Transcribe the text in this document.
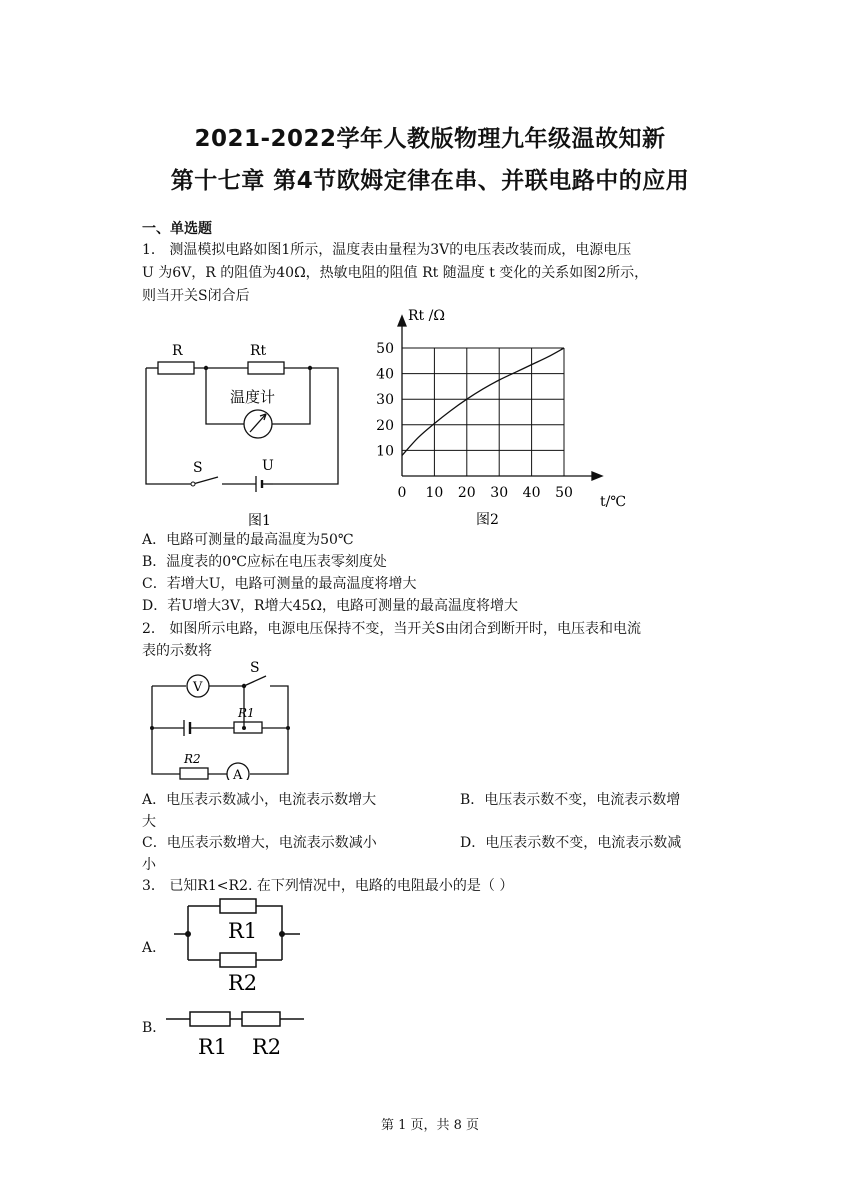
2021-2022学年人教版物理九年级温故知新
第十七章 第4节欧姆定律在串、并联电路中的应用
一、单选题
1． 测温模拟电路如图1所示，温度表由量程为3V的电压表改装而成，电源电压
U 为6V，R 的阻值为40Ω，热敏电阻的阻值 Rt 随温度 t 变化的关系如图2所示，
则当开关S闭合后
R	Rt
温度计
S	U
图1
0 10 20 30 40 50
10
20
30
40
50
Rt /Ω
t/℃
图2
A．电路可测量的最高温度为50℃
B．温度表的0℃应标在电压表零刻度处
C．若增大U，电路可测量的最高温度将增大
D．若U增大3V，R增大45Ω，电路可测量的最高温度将增大
2． 如图所示电路，电源电压保持不变，当开关S由闭合到断开时，电压表和电流
表的示数将
S
V
R1
R2
A
A．电压表示数减小，电流表示数增大	B．电压表示数不变，电流表示数增
大
C．电压表示数增大，电流表示数减小	D．电压表示数不变，电流表示数减
小
3． 已知R1<R2. 在下列情况中，电路的电阻最小的是（ ）
A．
R1
R2
B．
R1 R2
第 1 页，共 8 页
